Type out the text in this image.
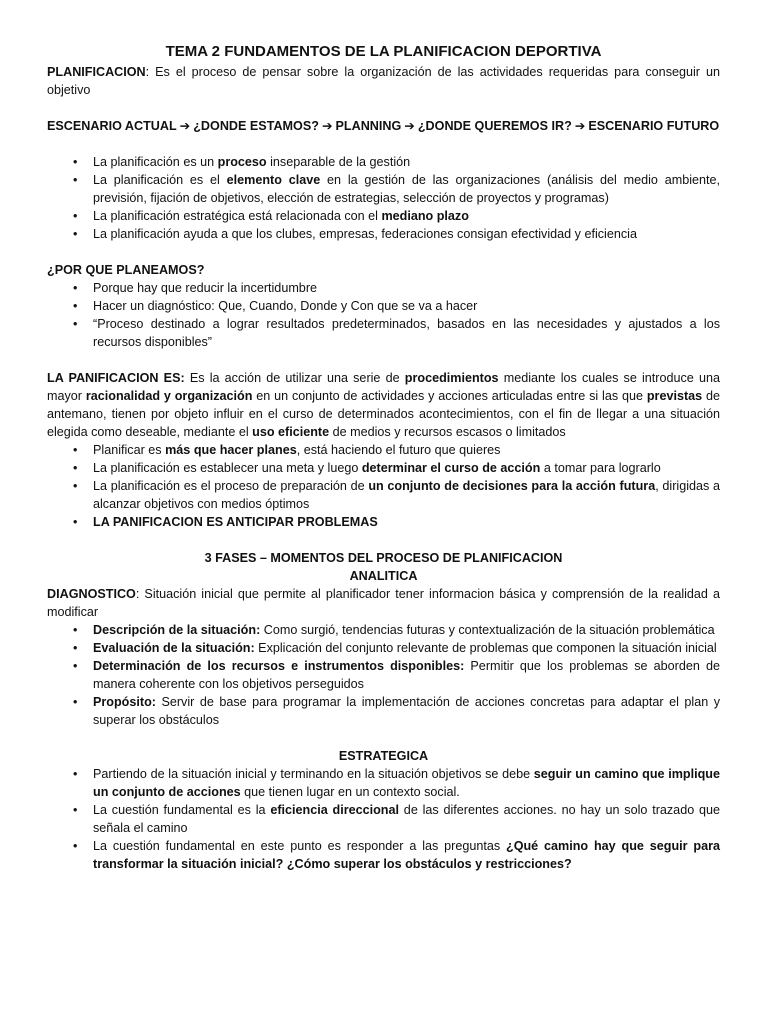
TEMA 2 FUNDAMENTOS DE LA PLANIFICACION DEPORTIVA

PLANIFICACION: Es el proceso de pensar sobre la organización de las actividades requeridas para conseguir un objetivo

ESCENARIO ACTUAL ➔ ¿DONDE ESTAMOS? ➔ PLANNING ➔ ¿DONDE QUEREMOS IR? ➔ ESCENARIO FUTURO

• La planificación es un proceso inseparable de la gestión
• La planificación es el elemento clave en la gestión de las organizaciones (análisis del medio ambiente, previsión, fijación de objetivos, elección de estrategias, selección de proyectos y programas)
• La planificación estratégica está relacionada con el mediano plazo
• La planificación ayuda a que los clubes, empresas, federaciones consigan efectividad y eficiencia

¿POR QUE PLANEAMOS?

• Porque hay que reducir la incertidumbre
• Hacer un diagnóstico: Que, Cuando, Donde y Con que se va a hacer
• “Proceso destinado a lograr resultados predeterminados, basados en las necesidades y ajustados a los recursos disponibles”

LA PANIFICACION ES: Es la acción de utilizar una serie de procedimientos mediante los cuales se introduce una mayor racionalidad y organización en un conjunto de actividades y acciones articuladas entre si las que previstas de antemano, tienen por objeto influir en el curso de determinados acontecimientos, con el fin de llegar a una situación elegida como deseable, mediante el uso eficiente de medios y recursos escasos o limitados

• Planificar es más que hacer planes, está haciendo el futuro que quieres
• La planificación es establecer una meta y luego determinar el curso de acción a tomar para lograrlo
• La planificación es el proceso de preparación de un conjunto de decisiones para la acción futura, dirigidas a alcanzar objetivos con medios óptimos
• LA PANIFICACION ES ANTICIPAR PROBLEMAS

3 FASES – MOMENTOS DEL PROCESO DE PLANIFICACION

ANALITICA

DIAGNOSTICO: Situación inicial que permite al planificador tener informacion básica y comprensión de la realidad a modificar

• Descripción de la situación: Como surgió, tendencias futuras y contextualización de la situación problemática
• Evaluación de la situación: Explicación del conjunto relevante de problemas que componen la situación inicial
• Determinación de los recursos e instrumentos disponibles: Permitir que los problemas se aborden de manera coherente con los objetivos perseguidos
• Propósito: Servir de base para programar la implementación de acciones concretas para adaptar el plan y superar los obstáculos

ESTRATEGICA

• Partiendo de la situación inicial y terminando en la situación objetivos se debe seguir un camino que implique un conjunto de acciones que tienen lugar en un contexto social.
• La cuestión fundamental es la eficiencia direccional de las diferentes acciones. no hay un solo trazado que señala el camino
• La cuestión fundamental en este punto es responder a las preguntas ¿Qué camino hay que seguir para transformar la situación inicial? ¿Cómo superar los obstáculos y restricciones?
